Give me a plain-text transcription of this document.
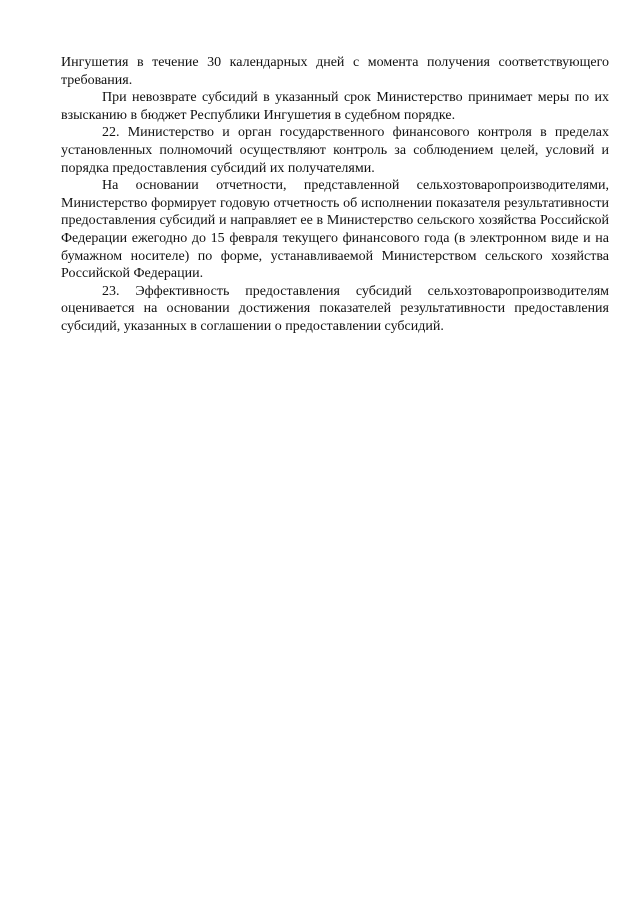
Ингушетия в течение 30 календарных дней с момента получения соответствующего требования.

При невозврате субсидий в указанный срок Министерство принимает меры по их взысканию в бюджет Республики Ингушетия в судебном порядке.

22. Министерство и орган государственного финансового контроля в пределах установленных полномочий осуществляют контроль за соблюдением целей, условий и порядка предоставления субсидий их получателями.

На основании отчетности, представленной сельхозтоваропроизводителями, Министерство формирует годовую отчетность об исполнении показателя результативности предоставления субсидий и направляет ее в Министерство сельского хозяйства Российской Федерации ежегодно до 15 февраля текущего финансового года (в электронном виде и на бумажном носителе) по форме, устанавливаемой Министерством сельского хозяйства Российской Федерации.

23. Эффективность предоставления субсидий сельхозтоваропроизводителям оценивается на основании достижения показателей результативности предоставления субсидий, указанных в соглашении о предоставлении субсидий.
